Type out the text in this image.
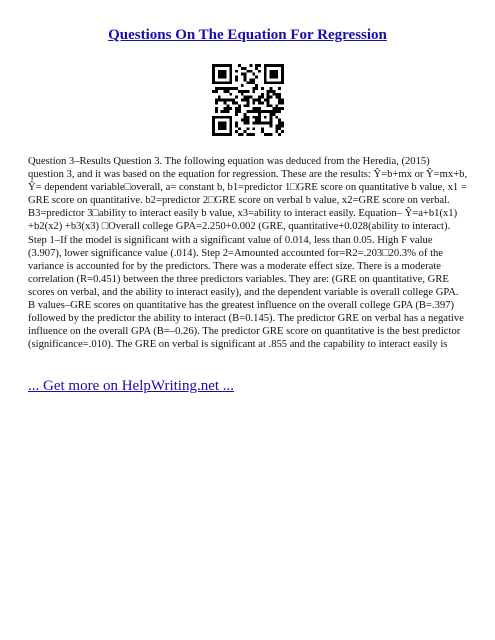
Questions On The Equation For Regression

Question 3–Results Question 3. The following equation was deduced from the Heredia, (2015) question 3, and it was based on the equation for regression. These are the results: Ŷ=b+mx or Ŷ=mx+b, Ŷ= dependent variable□overall, a= constant b, b1=predictor 1□GRE score on quantitative b value, x1 = GRE score on quantitative. b2=predictor 2□GRE score on verbal b value, x2=GRE score on verbal. B3=predictor 3□ability to interact easily b value, x3=ability to interact easily. Equation– Ŷ=a+b1(x1) +b2(x2) +b3(x3) □Overall college GPA=2.250+0.002 (GRE, quantitative+0.028(ability to interact). Step 1–If the model is significant with a significant value of 0.014, less than 0.05. High F value (3.907), lower significance value (.014). Step 2=Amounted accounted for=R2=.203□20.3% of the variance is accounted for by the predictors. There was a moderate effect size. There is a moderate correlation (R=0.451) between the three predictors variables. They are: (GRE on quantitative, GRE scores on verbal, and the ability to interact easily), and the dependent variable is overall college GPA. B values–GRE scores on quantitative has the greatest influence on the overall college GPA (B=.397) followed by the predictor the ability to interact (B=0.145). The predictor GRE on verbal has a negative influence on the overall GPA (B=–0.26). The predictor GRE score on quantitative is the best predictor (significance=.010). The GRE on verbal is significant at .855 and the capability to interact easily is

... Get more on HelpWriting.net ...
